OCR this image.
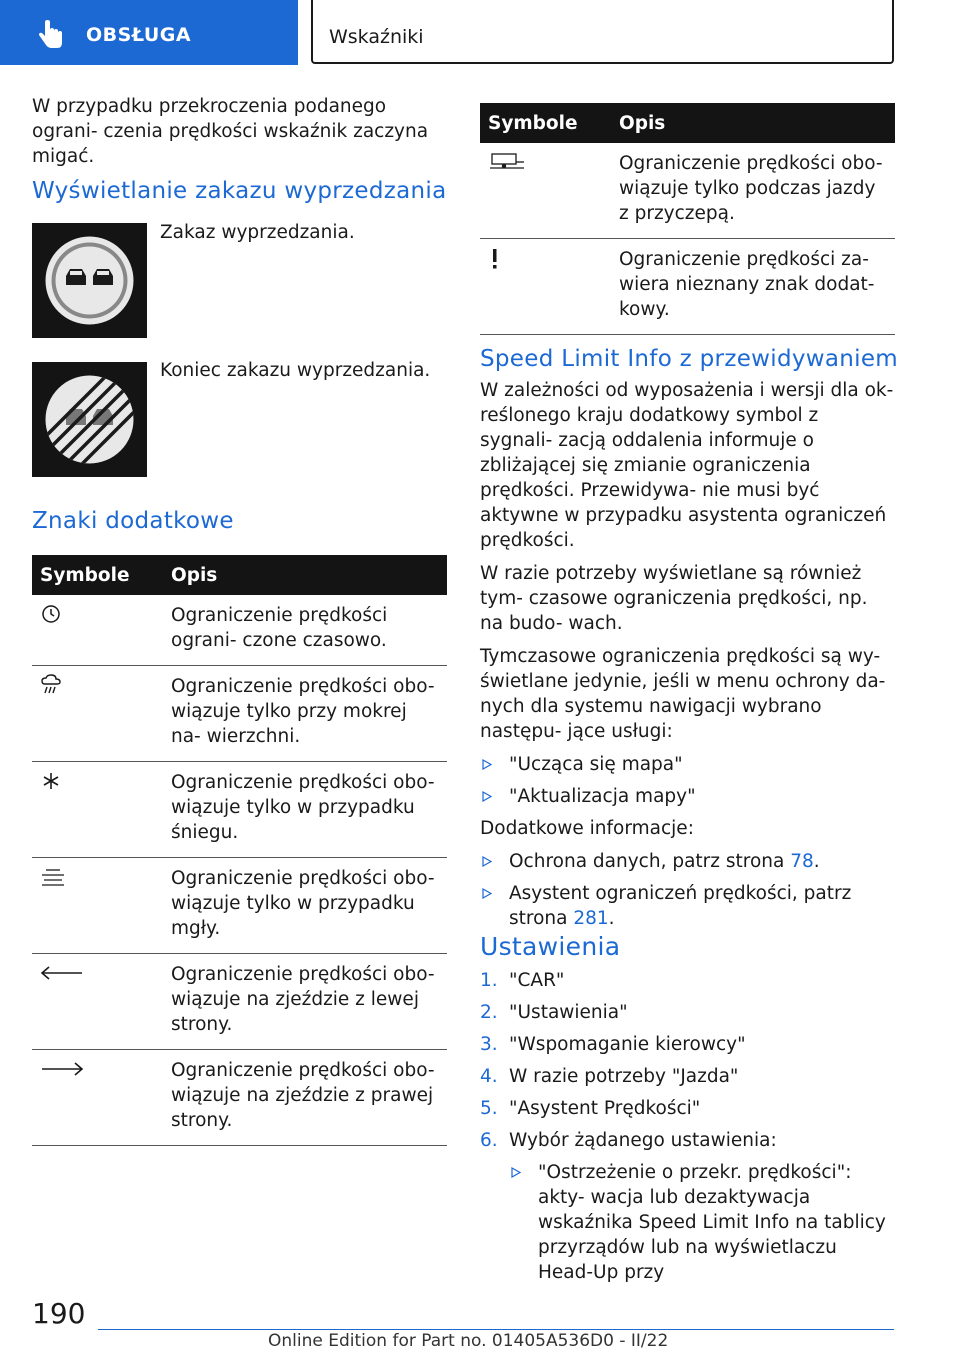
OBSŁUGA	Wskaźniki

W przypadku przekroczenia podanego ograni- czenia prędkości wskaźnik zaczyna migać.

Wyświetlanie zakazu wyprzedzania
Zakaz wyprzedzania.
Koniec zakazu wyprzedzania.
Znaki dodatkowe
Symbole	Opis
	Ograniczenie prędkości ograni- czone czasowo.
	Ograniczenie prędkości obo- wiązuje tylko przy mokrej na- wierzchni.
	Ograniczenie prędkości obo- wiązuje tylko w przypadku śniegu.
	Ograniczenie prędkości obo- wiązuje tylko w przypadku mgły.
	Ograniczenie prędkości obo- wiązuje na zjeździe z lewej strony.
	Ograniczenie prędkości obo- wiązuje na zjeździe z prawej strony.
Symbole	Opis
	Ograniczenie prędkości obo- wiązuje tylko podczas jazdy z przyczepą.
	Ograniczenie prędkości za- wiera nieznany znak dodat- kowy.
Speed Limit Info z przewidywaniem

W zależności od wyposażenia i wersji dla ok- reślonego kraju dodatkowy symbol z sygnali- zacją oddalenia informuje o zbliżającej się zmianie ograniczenia prędkości. Przewidywa- nie musi być aktywne w przypadku asystenta ograniczeń prędkości.

W razie potrzeby wyświetlane są również tym- czasowe ograniczenia prędkości, np. na budo- wach.

Tymczasowe ograniczenia prędkości są wy- świetlane jedynie, jeśli w menu ochrony da- nych dla systemu nawigacji wybrano następu- jące usługi:

"Ucząca się mapa"
"Aktualizacja mapy"

Dodatkowe informacje:

Ochrona danych, patrz strona 78.
Asystent ograniczeń prędkości, patrz strona 281.
Ustawienia
1. "CAR"
2. "Ustawienia"
3. "Wspomaganie kierowcy"
4. W razie potrzeby "Jazda"
5. "Asystent Prędkości"
6. Wybór żądanego ustawienia:
"Ostrzeżenie o przekr. prędkości": akty- wacja lub dezaktywacja wskaźnika Speed Limit Info na tablicy przyrządów lub na wyświetlaczu Head-Up przy
190
Online Edition for Part no. 01405A536D0 - II/22
